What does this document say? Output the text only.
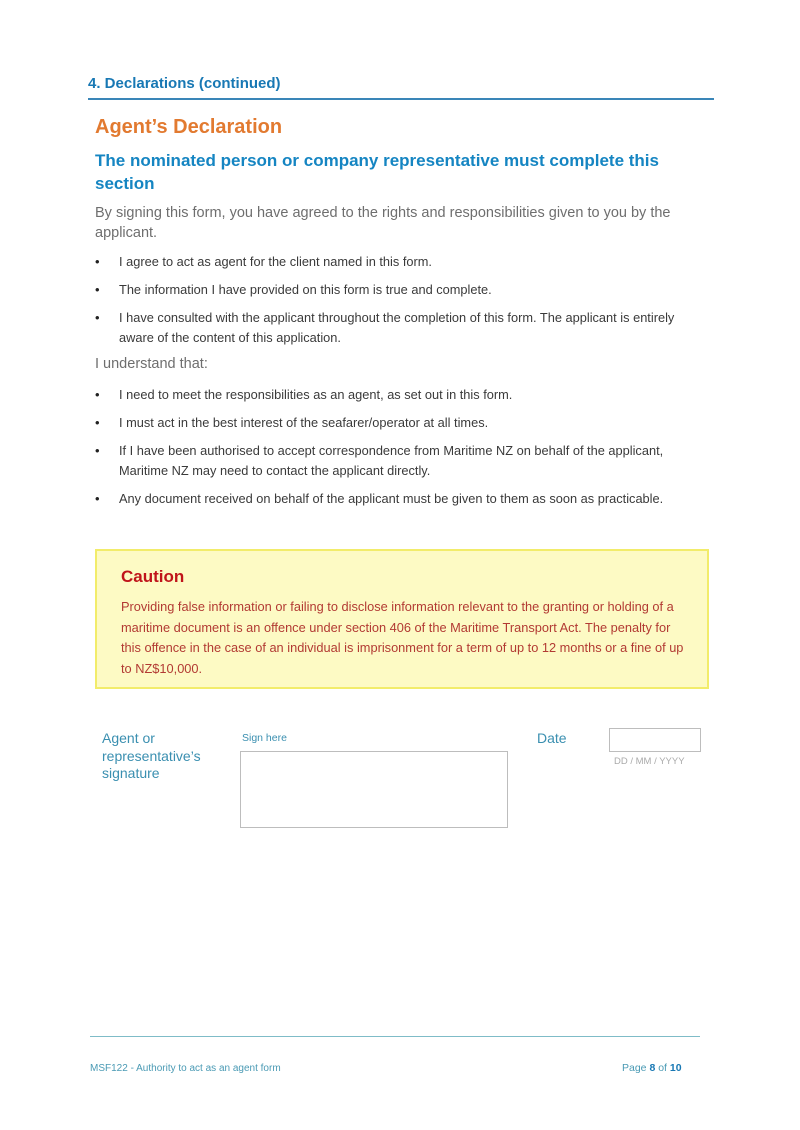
4. Declarations (continued)
Agent’s Declaration
The nominated person or company representative must complete this section
By signing this form, you have agreed to the rights and responsibilities given to you by the applicant.
• I agree to act as agent for the client named in this form.
• The information I have provided on this form is true and complete.
• I have consulted with the applicant throughout the completion of this form. The applicant is entirely aware of the content of this application.
I understand that:
• I need to meet the responsibilities as an agent, as set out in this form.
• I must act in the best interest of the seafarer/operator at all times.
• If I have been authorised to accept correspondence from Maritime NZ on behalf of the applicant, Maritime NZ may need to contact the applicant directly.
• Any document received on behalf of the applicant must be given to them as soon as practicable.
Caution
Providing false information or failing to disclose information relevant to the granting or holding of a maritime document is an offence under section 406 of the Maritime Transport Act. The penalty for this offence in the case of an individual is imprisonment for a term of up to 12 months or a fine of up to NZ$10,000.
Agent or representative’s signature
Sign here	Date
DD / MM / YYYY
MSF122 - Authority to act as an agent form	Page 8 of 10
